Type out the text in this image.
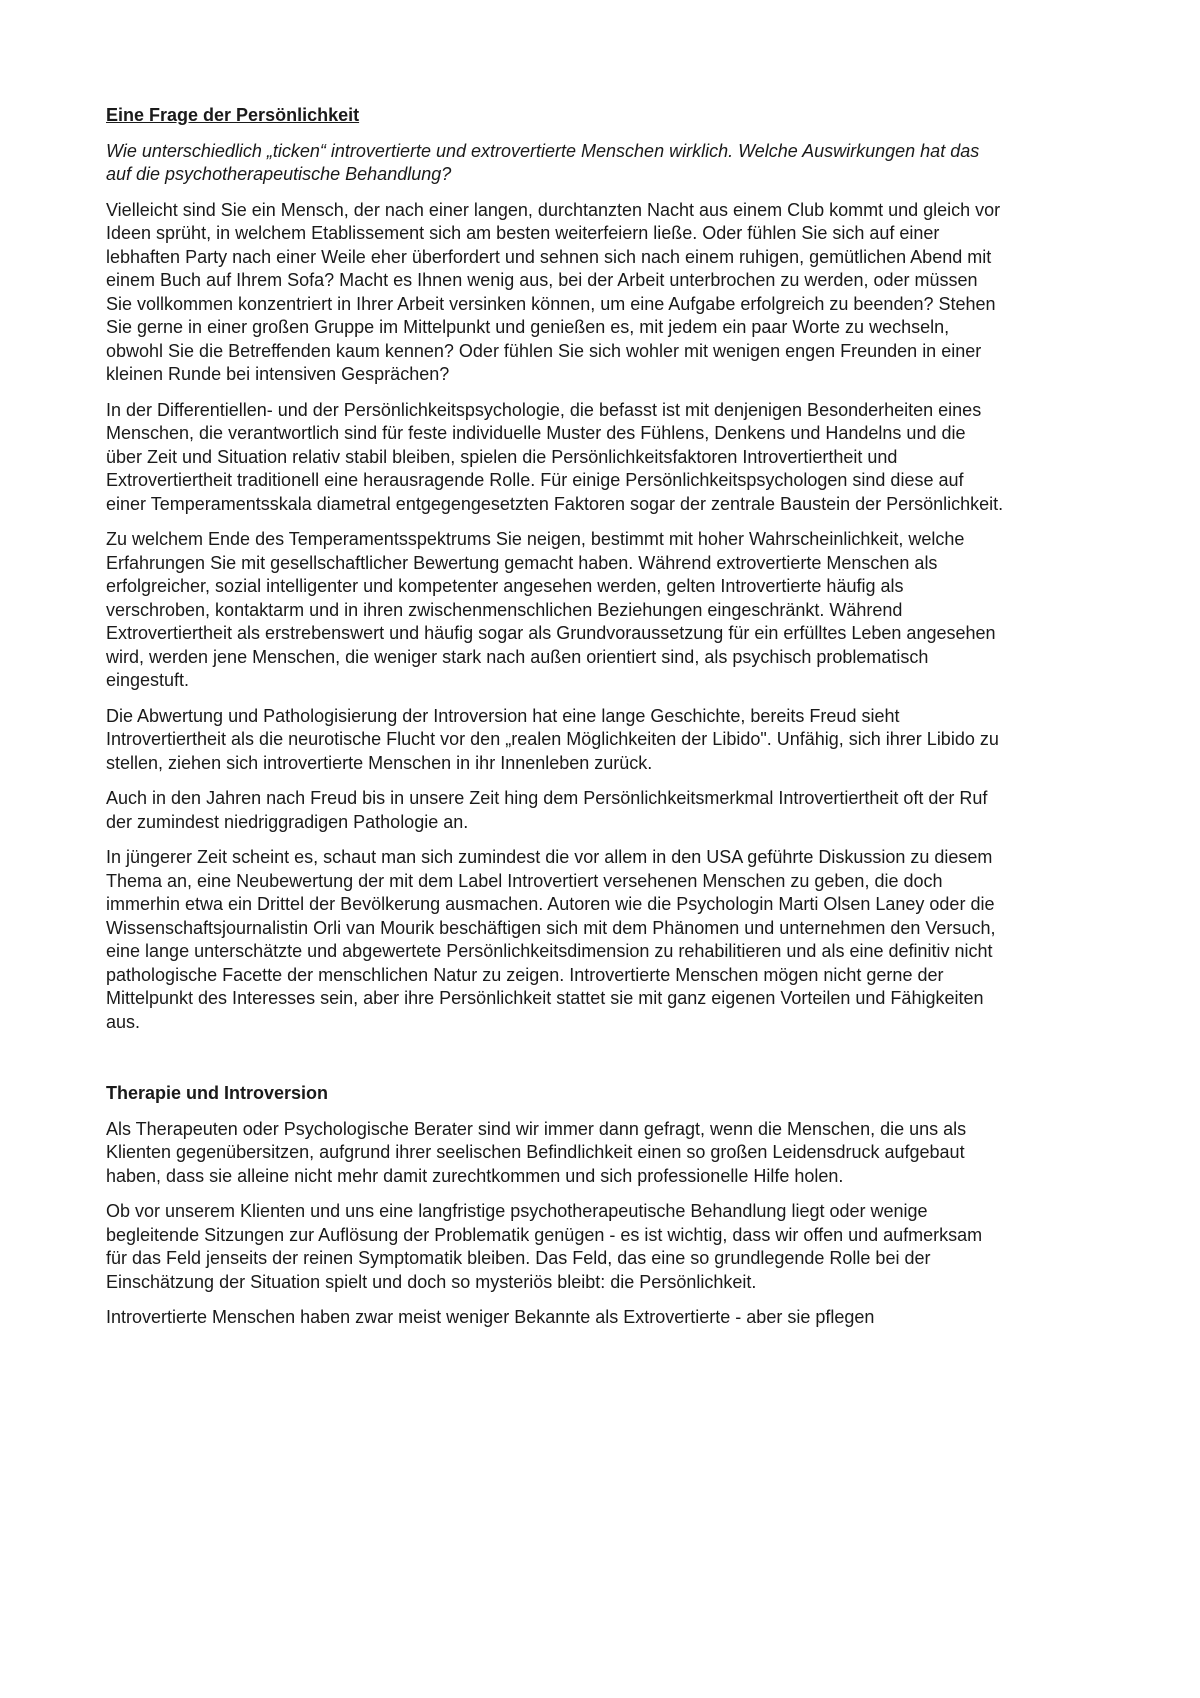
Eine Frage der Persönlichkeit
Wie unterschiedlich „ticken“ introvertierte und extrovertierte Menschen wirklich. Welche Auswirkungen hat das auf die psychotherapeutische Behandlung?
Vielleicht sind Sie ein Mensch, der nach einer langen, durchtanzten Nacht aus einem Club kommt und gleich vor Ideen sprüht, in welchem Etablissement sich am besten weiterfeiern ließe. Oder fühlen Sie sich auf einer lebhaften Party nach einer Weile eher überfordert und sehnen sich nach einem ruhigen, gemütlichen Abend mit einem Buch auf Ihrem Sofa? Macht es Ihnen wenig aus, bei der Arbeit unterbrochen zu werden, oder müssen Sie vollkommen konzentriert in Ihrer Arbeit versinken können, um eine Aufgabe erfolgreich zu beenden? Stehen Sie gerne in einer großen Gruppe im Mittelpunkt und genießen es, mit jedem ein paar Worte zu wechseln, obwohl Sie die Betreffenden kaum kennen? Oder fühlen Sie sich wohler mit wenigen engen Freunden in einer kleinen Runde bei intensiven Gesprächen?
In der Differentiellen- und der Persönlichkeitspsychologie, die befasst ist mit denjenigen Besonderheiten eines Menschen, die verantwortlich sind für feste individuelle Muster des Fühlens, Denkens und Handelns und die über Zeit und Situation relativ stabil bleiben, spielen die Persönlichkeitsfaktoren Introvertiertheit und Extrovertiertheit traditionell eine herausragende Rolle. Für einige Persönlichkeitspsychologen sind diese auf einer Temperamentsskala diametral entgegengesetzten Faktoren sogar der zentrale Baustein der Persönlichkeit.
Zu welchem Ende des Temperamentsspektrums Sie neigen, bestimmt mit hoher Wahrscheinlichkeit, welche Erfahrungen Sie mit gesellschaftlicher Bewertung gemacht haben. Während extrovertierte Menschen als erfolgreicher, sozial intelligenter und kompetenter angesehen werden, gelten Introvertierte häufig als verschroben, kontaktarm und in ihren zwischenmenschlichen Beziehungen eingeschränkt. Während Extrovertiertheit als erstrebenswert und häufig sogar als Grundvoraussetzung für ein erfülltes Leben angesehen wird, werden jene Menschen, die weniger stark nach außen orientiert sind, als psychisch problematisch eingestuft.
Die Abwertung und Pathologisierung der Introversion hat eine lange Geschichte, bereits Freud sieht Introvertiertheit als die neurotische Flucht vor den „realen Möglichkeiten der Libido". Unfähig, sich ihrer Libido zu stellen, ziehen sich introvertierte Menschen in ihr Innenleben zurück.
Auch in den Jahren nach Freud bis in unsere Zeit hing dem Persönlichkeitsmerkmal Introvertiertheit oft der Ruf der zumindest niedriggradigen Pathologie an.
In jüngerer Zeit scheint es, schaut man sich zumindest die vor allem in den USA geführte Diskussion zu diesem Thema an, eine Neubewertung der mit dem Label Introvertiert versehenen Menschen zu geben, die doch immerhin etwa ein Drittel der Bevölkerung ausmachen. Autoren wie die Psychologin Marti Olsen Laney oder die Wissenschaftsjournalistin Orli van Mourik beschäftigen sich mit dem Phänomen und unternehmen den Versuch, eine lange unterschätzte und abgewertete Persönlichkeitsdimension zu rehabilitieren und als eine definitiv nicht pathologische Facette der menschlichen Natur zu zeigen. Introvertierte Menschen mögen nicht gerne der Mittelpunkt des Interesses sein, aber ihre Persönlichkeit stattet sie mit ganz eigenen Vorteilen und Fähigkeiten aus.
Therapie und Introversion
Als Therapeuten oder Psychologische Berater sind wir immer dann gefragt, wenn die Menschen, die uns als Klienten gegenübersitzen, aufgrund ihrer seelischen Befindlichkeit einen so großen Leidensdruck aufgebaut haben, dass sie alleine nicht mehr damit zurechtkommen und sich professionelle Hilfe holen.
Ob vor unserem Klienten und uns eine langfristige psychotherapeutische Behandlung liegt oder wenige begleitende Sitzungen zur Auflösung der Problematik genügen - es ist wichtig, dass wir offen und aufmerksam für das Feld jenseits der reinen Symptomatik bleiben. Das Feld, das eine so grundlegende Rolle bei der Einschätzung der Situation spielt und doch so mysteriös bleibt: die Persönlichkeit.
Introvertierte Menschen haben zwar meist weniger Bekannte als Extrovertierte - aber sie pflegen
